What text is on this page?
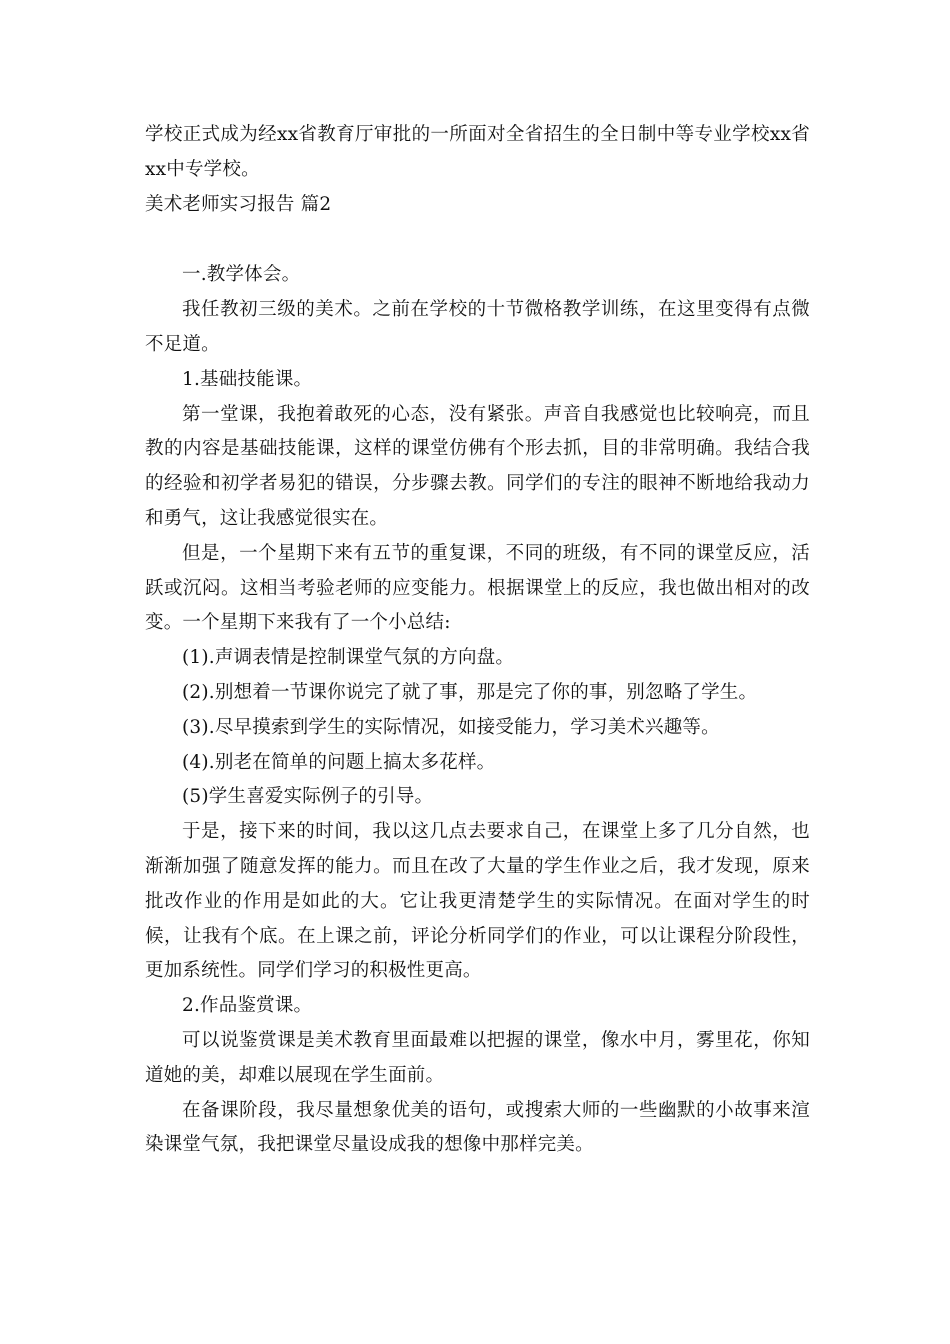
学校正式成为经xx省教育厅审批的一所面对全省招生的全日制中等专业学校xx省xx中专学校。

美术老师实习报告 篇2

一.教学体会。

我任教初三级的美术。之前在学校的十节微格教学训练，在这里变得有点微不足道。

1.基础技能课。

第一堂课，我抱着敢死的心态，没有紧张。声音自我感觉也比较响亮，而且教的内容是基础技能课，这样的课堂仿佛有个形去抓，目的非常明确。我结合我的经验和初学者易犯的错误，分步骤去教。同学们的专注的眼神不断地给我动力和勇气，这让我感觉很实在。

但是，一个星期下来有五节的重复课，不同的班级，有不同的课堂反应，活跃或沉闷。这相当考验老师的应变能力。根据课堂上的反应，我也做出相对的改变。一个星期下来我有了一个小总结:

(1).声调表情是控制课堂气氛的方向盘。

(2).别想着一节课你说完了就了事，那是完了你的事，别忽略了学生。

(3).尽早摸索到学生的实际情况，如接受能力，学习美术兴趣等。

(4).别老在简单的问题上搞太多花样。

(5)学生喜爱实际例子的引导。

于是，接下来的时间，我以这几点去要求自己，在课堂上多了几分自然，也渐渐加强了随意发挥的能力。而且在改了大量的学生作业之后，我才发现，原来批改作业的作用是如此的大。它让我更清楚学生的实际情况。在面对学生的时候，让我有个底。在上课之前，评论分析同学们的作业，可以让课程分阶段性，更加系统性。同学们学习的积极性更高。

2.作品鉴赏课。

可以说鉴赏课是美术教育里面最难以把握的课堂，像水中月，雾里花，你知道她的美，却难以展现在学生面前。

在备课阶段，我尽量想象优美的语句，或搜索大师的一些幽默的小故事来渲染课堂气氛，我把课堂尽量设成我的想像中那样完美。
